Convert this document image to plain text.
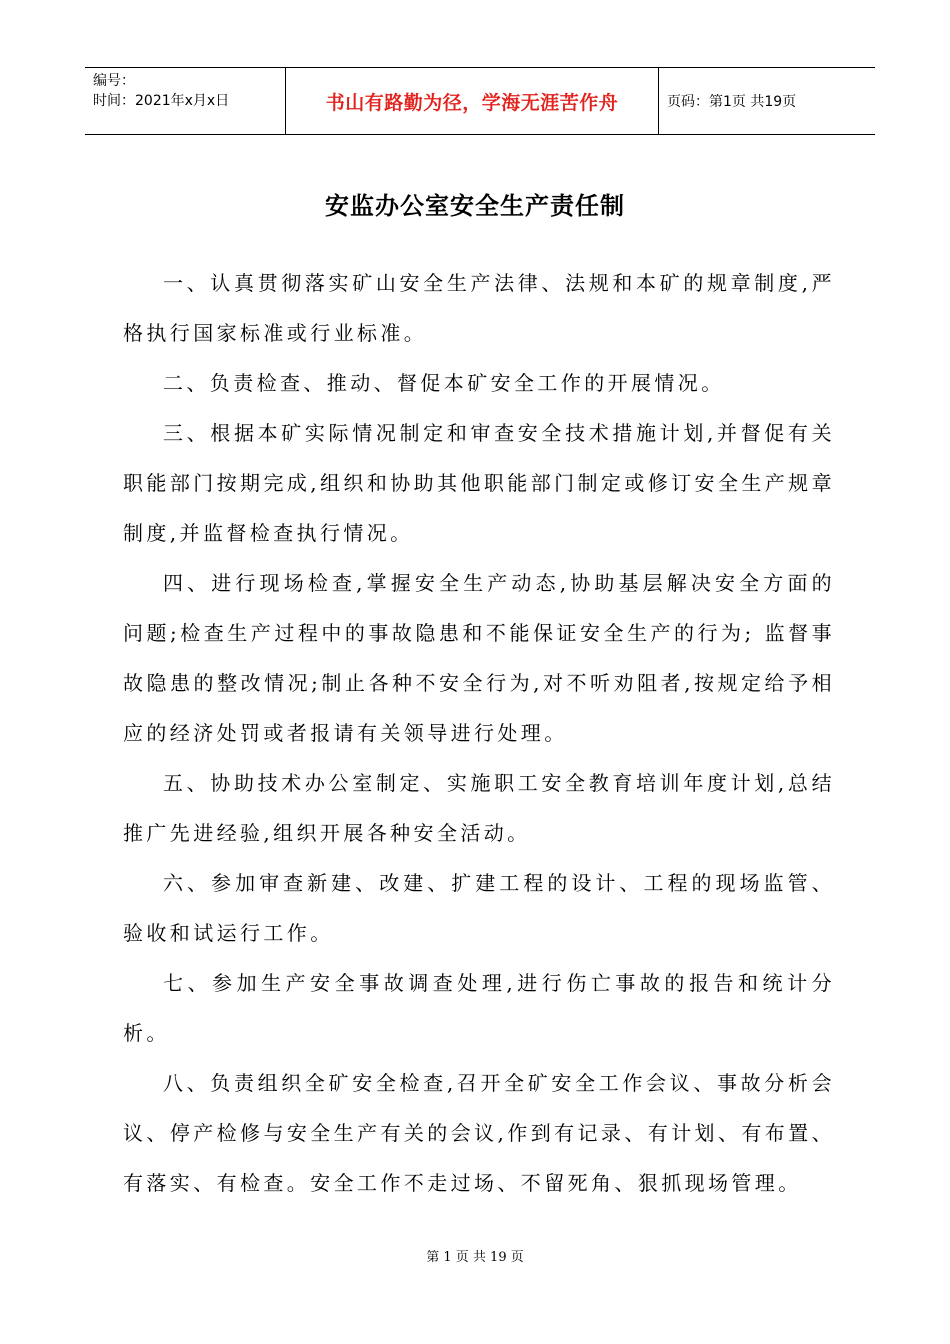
编号：
时间：2021年x月x日	书山有路勤为径，学海无涯苦作舟	页码：第1页 共19页
安监办公室安全生产责任制

一、认真贯彻落实矿山安全生产法律、法规和本矿的规章制度,严格执行国家标准或行业标准。

二、负责检查、推动、督促本矿安全工作的开展情况。

三、根据本矿实际情况制定和审查安全技术措施计划,并督促有关职能部门按期完成,组织和协助其他职能部门制定或修订安全生产规章制度,并监督检查执行情况。

四、进行现场检查,掌握安全生产动态,协助基层解决安全方面的问题;检查生产过程中的事故隐患和不能保证安全生产的行为; 监督事故隐患的整改情况;制止各种不安全行为,对不听劝阻者,按规定给予相应的经济处罚或者报请有关领导进行处理。

五、协助技术办公室制定、实施职工安全教育培训年度计划,总结推广先进经验,组织开展各种安全活动。

六、参加审查新建、改建、扩建工程的设计、工程的现场监管、验收和试运行工作。

七、参加生产安全事故调查处理,进行伤亡事故的报告和统计分析。

八、负责组织全矿安全检查,召开全矿安全工作会议、事故分析会议、停产检修与安全生产有关的会议,作到有记录、有计划、有布置、有落实、有检查。安全工作不走过场、不留死角、狠抓现场管理。

第 1 页 共 19 页
